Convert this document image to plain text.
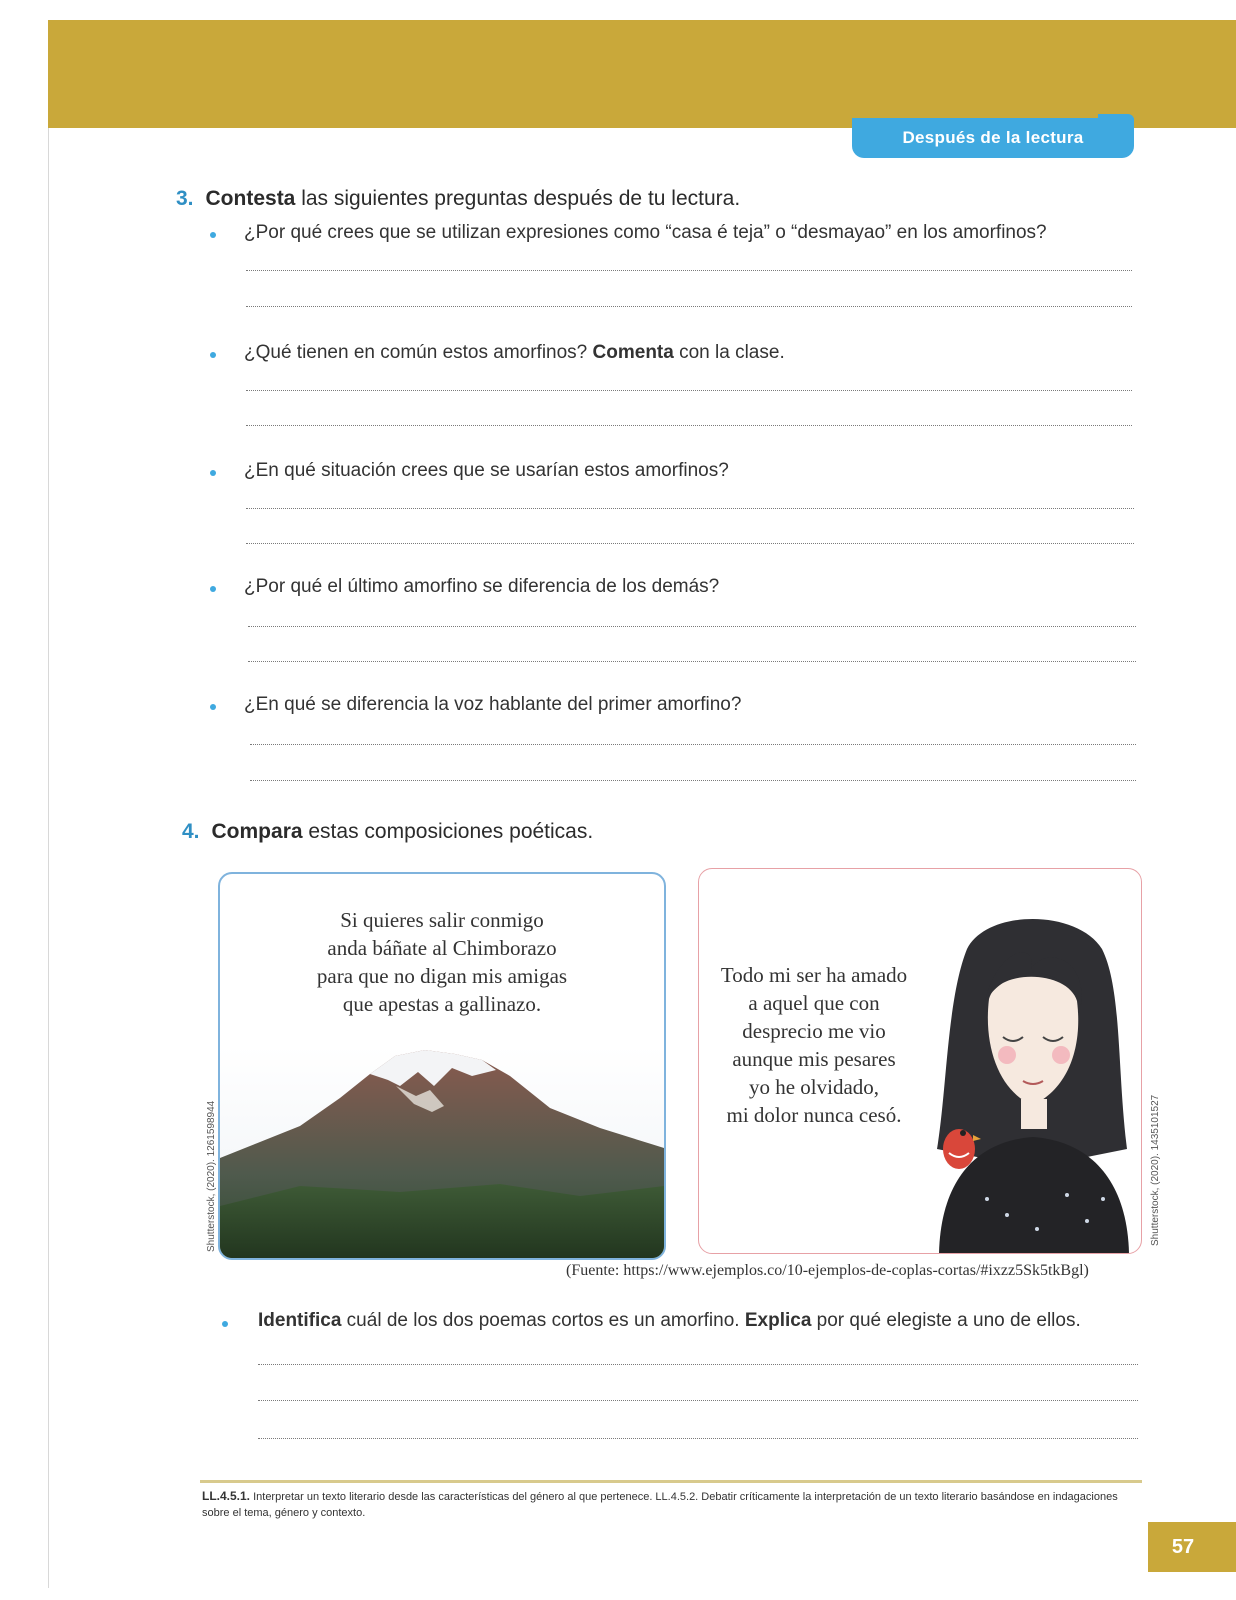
Después de la lectura
3. Contesta las siguientes preguntas después de tu lectura.
¿Por qué crees que se utilizan expresiones como “casa é teja” o “desmayao” en los amorfinos?
¿Qué tienen en común estos amorfinos? Comenta con la clase.
¿En qué situación crees que se usarían estos amorfinos?
¿Por qué el último amorfino se diferencia de los demás?
¿En qué se diferencia la voz hablante del primer amorfino?
4. Compara estas composiciones poéticas.
Si quieres salir conmigo
anda báñate al Chimborazo
para que no digan mis amigas
que apestas a gallinazo.
Shutterstock, (2020). 1261598944
Todo mi ser ha amado
a aquel que con
desprecio me vio
aunque mis pesares
yo he olvidado,
mi dolor nunca cesó.	Shutterstock, (2020). 1435101527
(Fuente: https://www.ejemplos.co/10-ejemplos-de-coplas-cortas/#ixzz5Sk5tkBgl)
Identifica cuál de los dos poemas cortos es un amorfino. Explica por qué elegiste a uno de ellos.
LL.4.5.1. Interpretar un texto literario desde las características del género al que pertenece. LL.4.5.2. Debatir críticamente la interpretación de un texto literario basándose en indagaciones sobre el tema, género y contexto.
57
